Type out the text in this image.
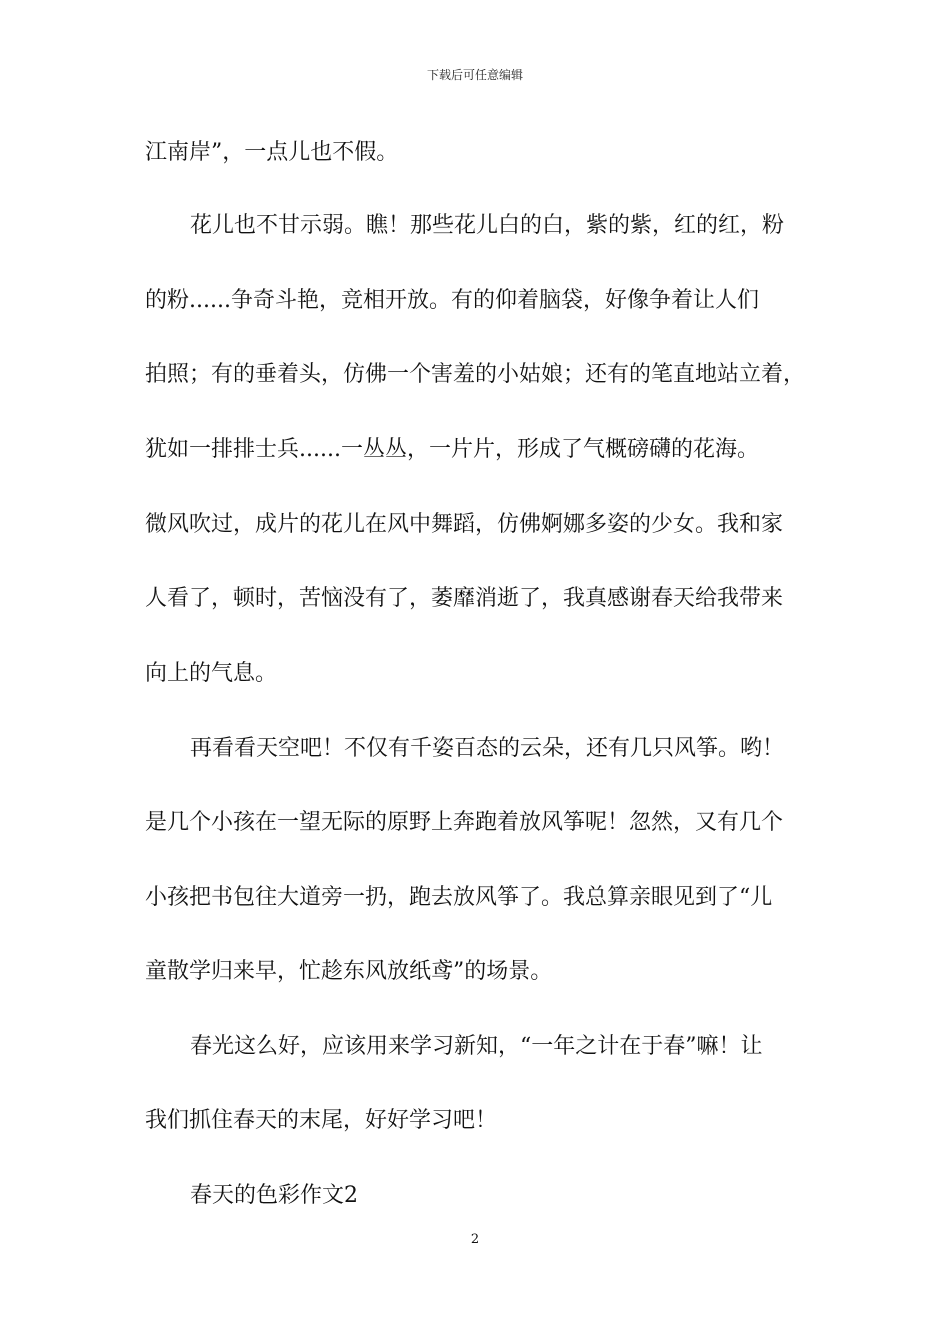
下载后可任意编辑
江南岸”，一点儿也不假。
花儿也不甘示弱。瞧！那些花儿白的白，紫的紫，红的红，粉
的粉......争奇斗艳，竞相开放。有的仰着脑袋，好像争着让人们
拍照；有的垂着头，仿佛一个害羞的小姑娘；还有的笔直地站立着，
犹如一排排士兵......一丛丛，一片片，形成了气概磅礴的花海。
微风吹过，成片的花儿在风中舞蹈，仿佛婀娜多姿的少女。我和家
人看了，顿时，苦恼没有了，萎靡消逝了，我真感谢春天给我带来
向上的气息。
再看看天空吧！不仅有千姿百态的云朵，还有几只风筝。哟！
是几个小孩在一望无际的原野上奔跑着放风筝呢！忽然，又有几个
小孩把书包往大道旁一扔，跑去放风筝了。我总算亲眼见到了“儿
童散学归来早，忙趁东风放纸鸢”的场景。
春光这么好，应该用来学习新知，“一年之计在于春”嘛！让
我们抓住春天的末尾，好好学习吧！
春天的色彩作文2
2
